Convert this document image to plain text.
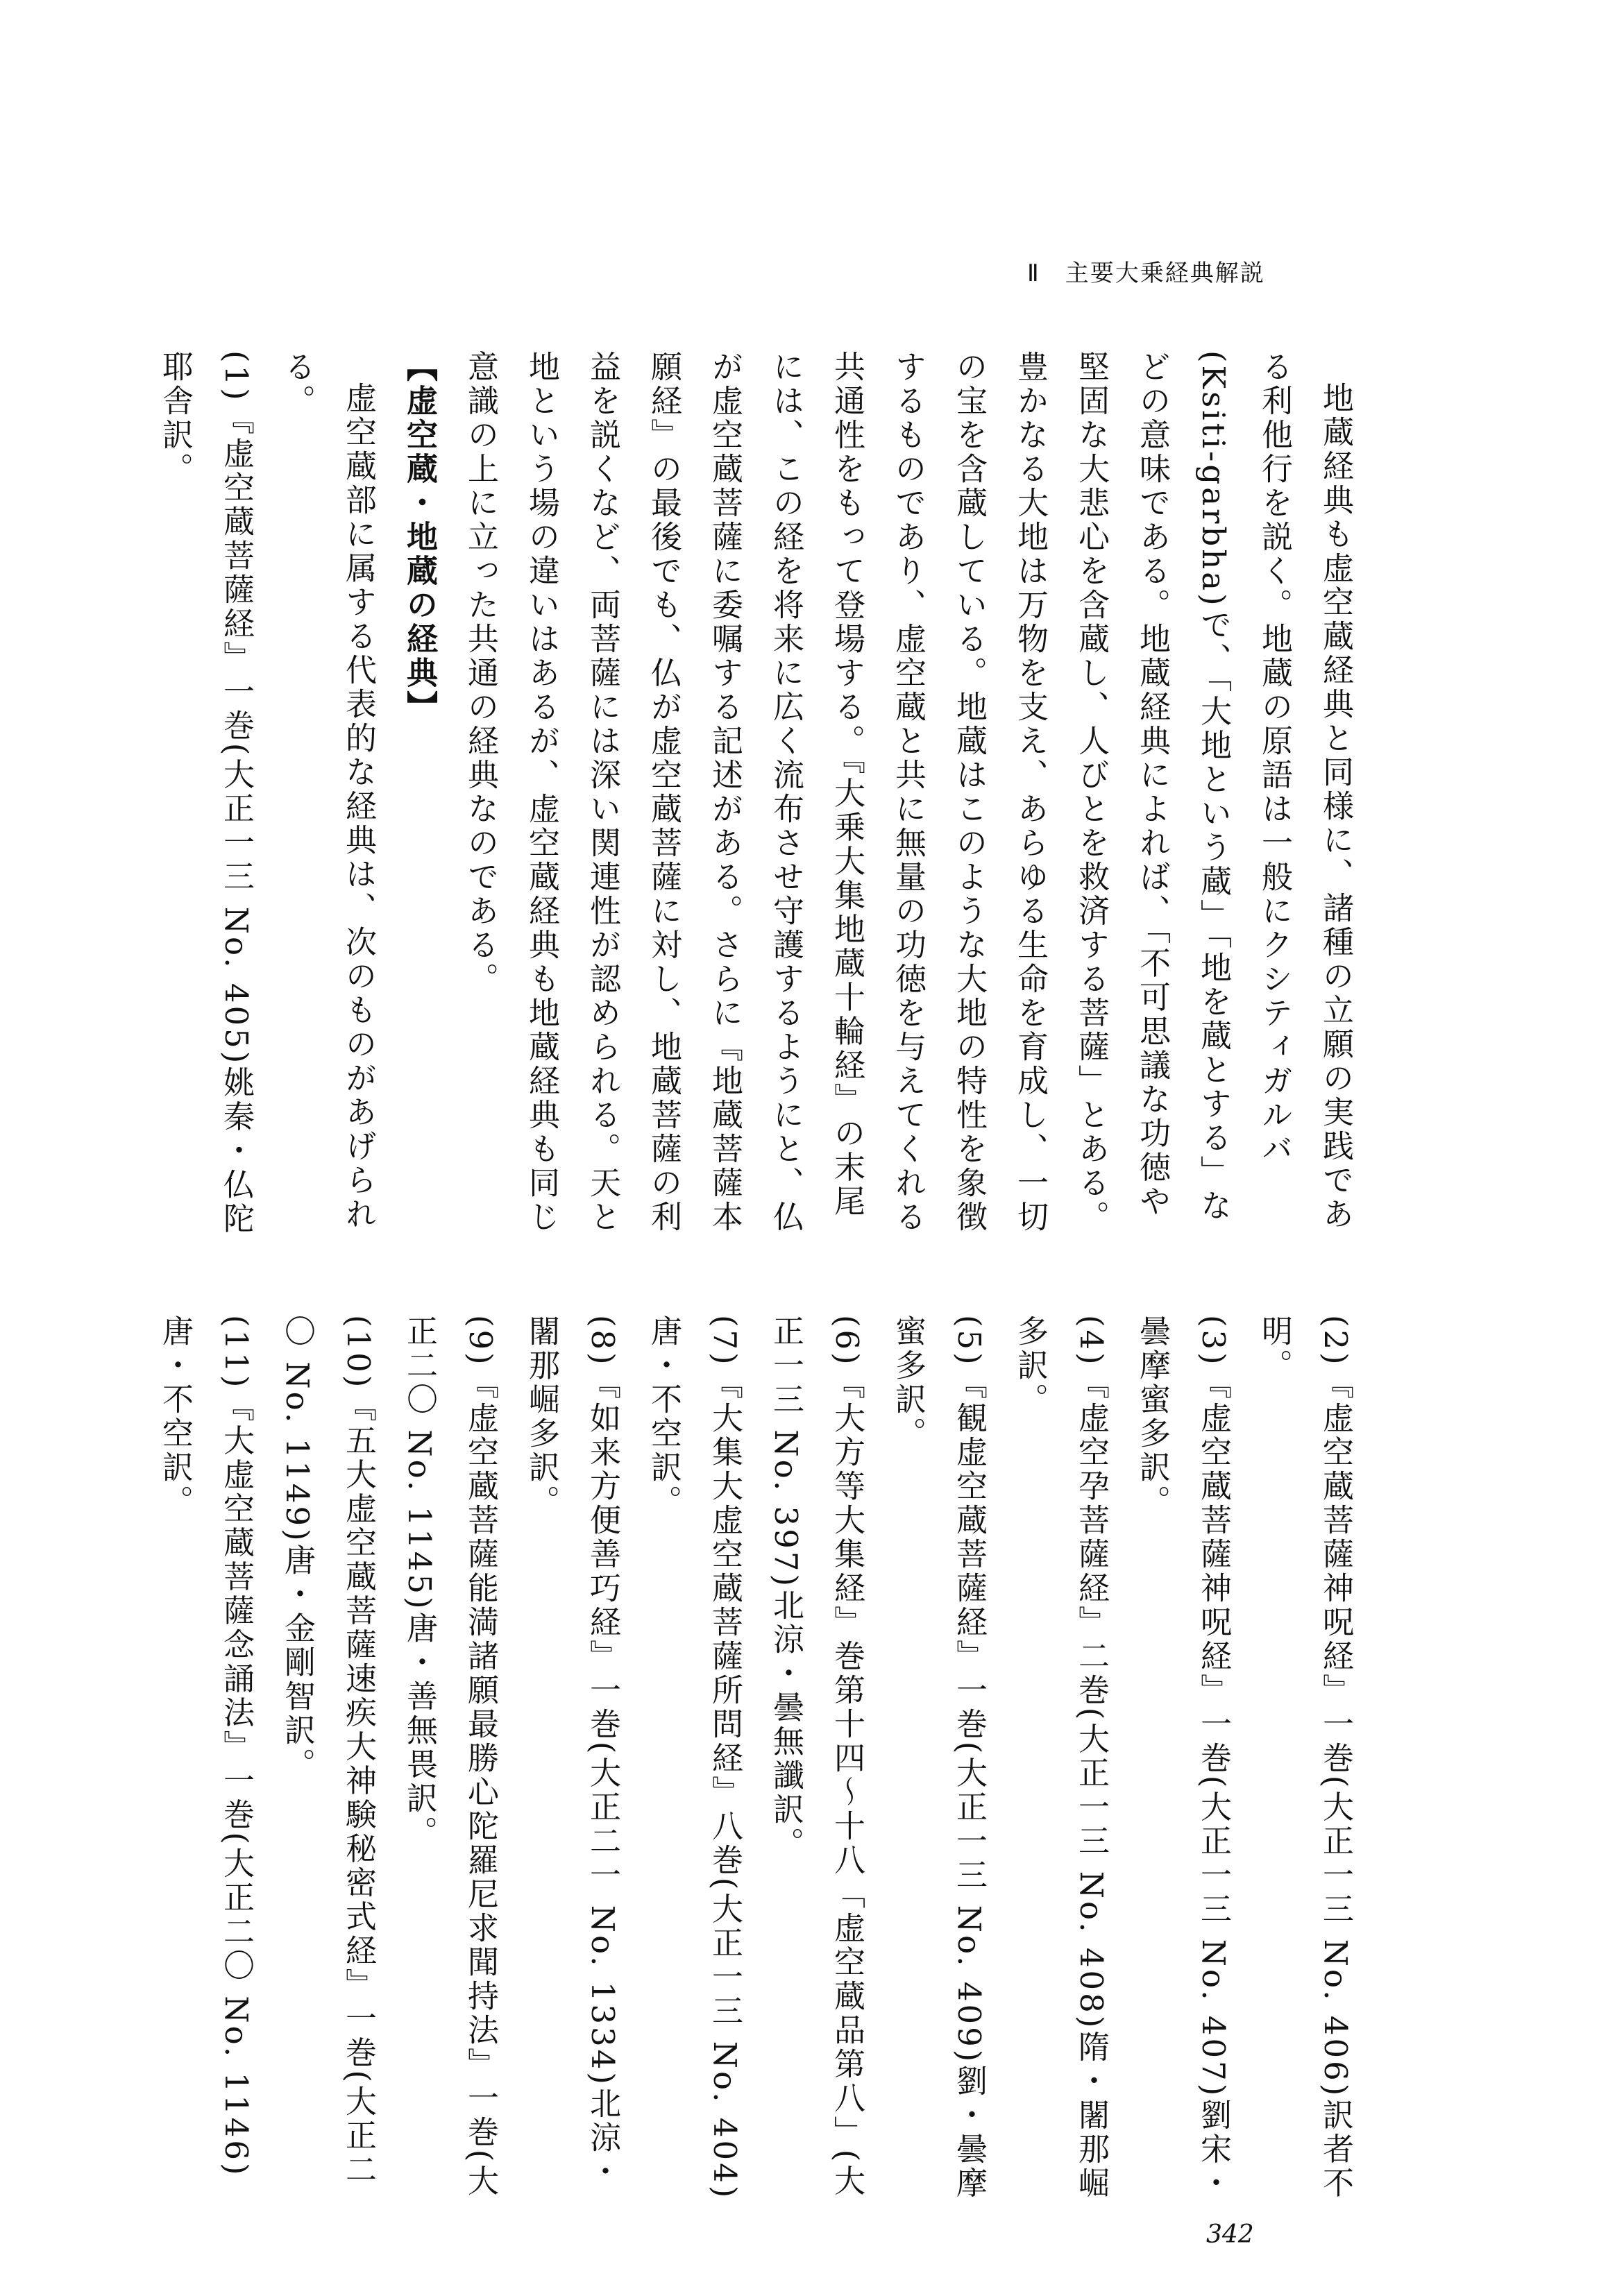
Ⅱ　主要大乗経典解説

地蔵経典も虚空蔵経典と同様に、諸種の立願の実践である利他行を説く。地蔵の原語は一般にクシティガルバ(Ksiti-garbha)で、「大地という蔵」「地を蔵とする」などの意味である。地蔵経典によれば、「不可思議な功徳や堅固な大悲心を含蔵し、人びとを救済する菩薩」とある。豊かなる大地は万物を支え、あらゆる生命を育成し、一切の宝を含蔵している。地蔵はこのような大地の特性を象徴するものであり、虚空蔵と共に無量の功徳を与えてくれる共通性をもって登場する。『大乗大集地蔵十輪経』の末尾には、この経を将来に広く流布させ守護するようにと、仏が虚空蔵菩薩に委嘱する記述がある。さらに『地蔵菩薩本願経』の最後でも、仏が虚空蔵菩薩に対し、地蔵菩薩の利益を説くなど、両菩薩には深い関連性が認められる。天と地という場の違いはあるが、虚空蔵経典も地蔵経典も同じ意識の上に立った共通の経典なのである。

【虚空蔵・地蔵の経典】

虚空蔵部に属する代表的な経典は、次のものがあげられる。

(1)『虚空蔵菩薩経』一巻(大正一三 No. 405)姚秦・仏陀耶舎訳。

(2)『虚空蔵菩薩神呪経』一巻(大正一三 No. 406)訳者不明。

(3)『虚空蔵菩薩神呪経』一巻(大正一三 No. 407)劉宋・曇摩蜜多訳。

(4)『虚空孕菩薩経』二巻(大正一三 No. 408)隋・闍那崛多訳。

(5)『観虚空蔵菩薩経』一巻(大正一三 No. 409)劉・曇摩蜜多訳。

(6)『大方等大集経』巻第十四～十八「虚空蔵品第八」(大正一三 No. 397)北涼・曇無讖訳。

(7)『大集大虚空蔵菩薩所問経』八巻(大正一三 No. 404)唐・不空訳。

(8)『如来方便善巧経』一巻(大正二一 No. 1334)北涼・闍那崛多訳。

(9)『虚空蔵菩薩能満諸願最勝心陀羅尼求聞持法』一巻(大正二〇 No. 1145)唐・善無畏訳。

(10)『五大虚空蔵菩薩速疾大神験秘密式経』一巻(大正二〇 No. 1149)唐・金剛智訳。

(11)『大虚空蔵菩薩念誦法』一巻(大正二〇 No. 1146)唐・不空訳。

342
